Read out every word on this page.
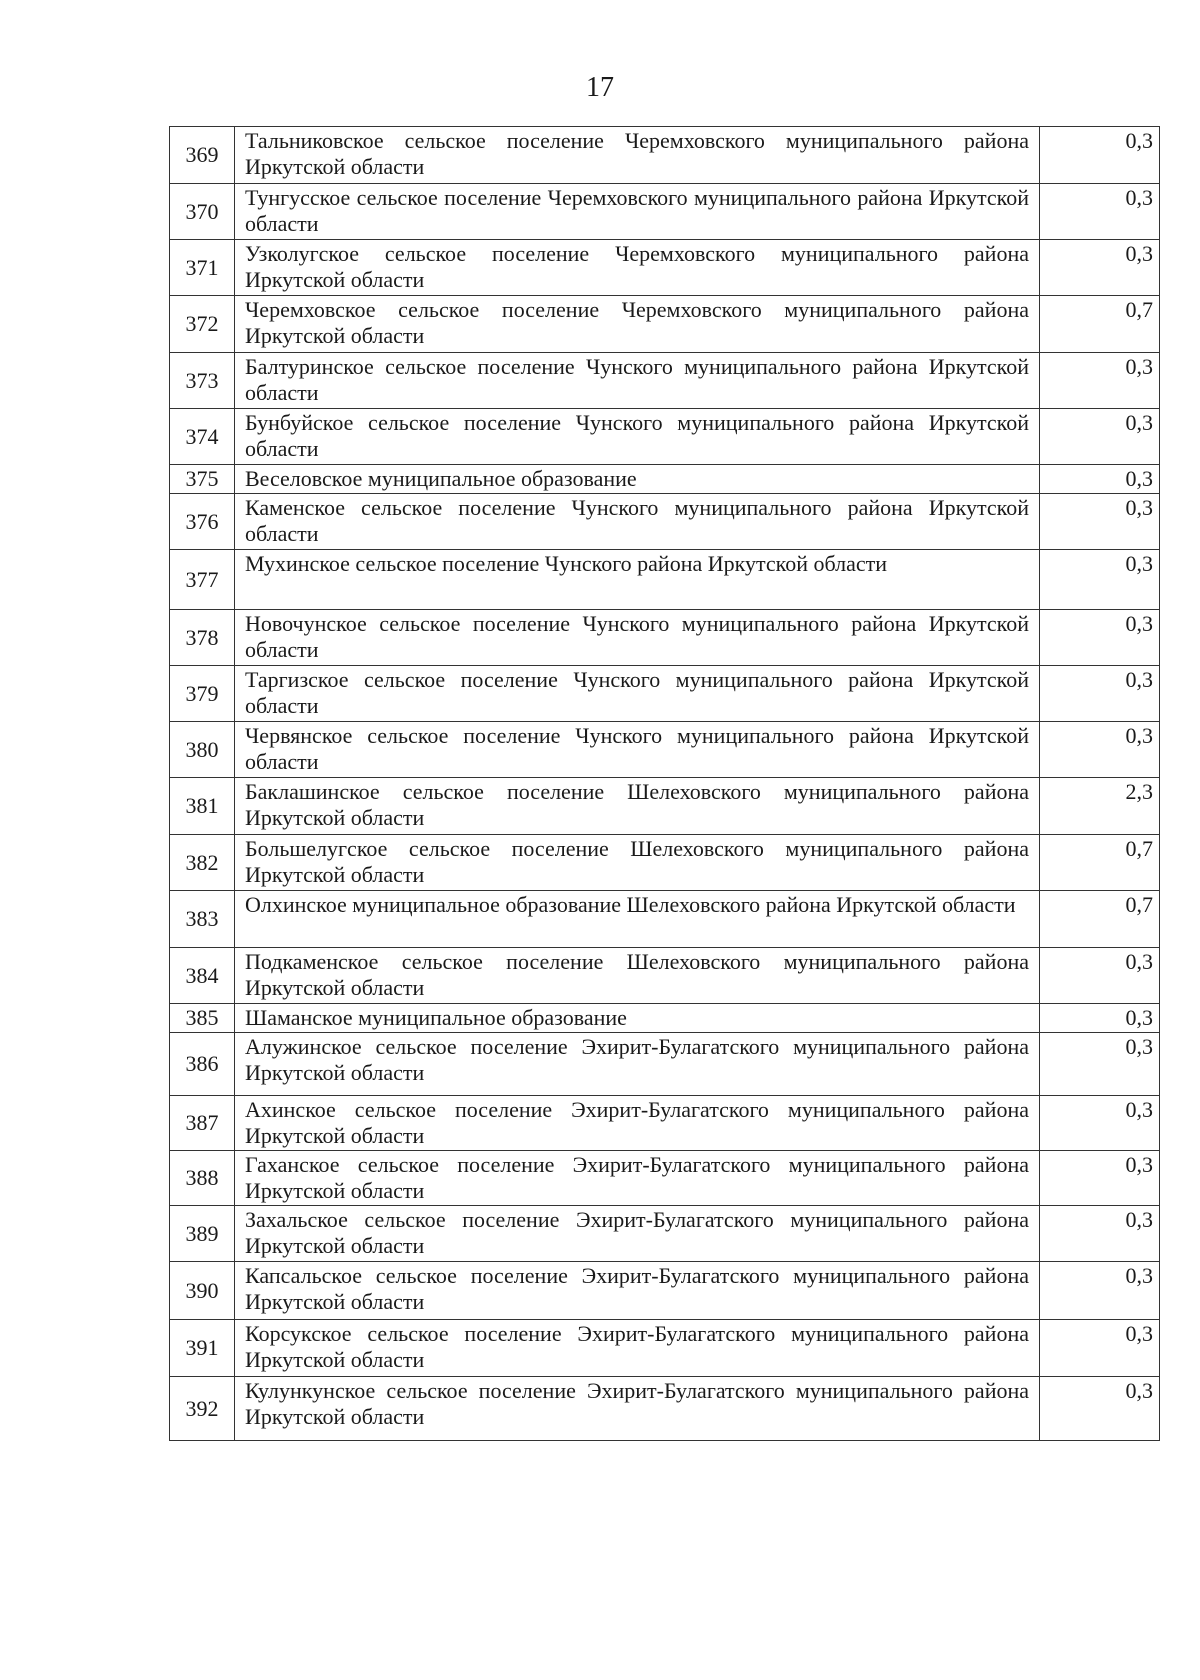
17
369	Тальниковское сельское поселение Черемховского муниципального района Иркутской области	0,3
370	Тунгусское сельское поселение Черемховского муниципального района Иркутской области	0,3
371	Узколугское сельское поселение Черемховского муниципального района Иркутской области	0,3
372	Черемховское сельское поселение Черемховского муниципального района Иркутской области	0,7
373	Балтуринское сельское поселение Чунского муниципального района Иркутской области	0,3
374	Бунбуйское сельское поселение Чунского муниципального района Иркутской области	0,3
375	Веселовское муниципальное образование	0,3
376	Каменское сельское поселение Чунского муниципального района Иркутской области	0,3
377	Мухинское сельское поселение Чунского района Иркутской области	0,3
378	Новочунское сельское поселение Чунского муниципального района Иркутской области	0,3
379	Таргизское сельское поселение Чунского муниципального района Иркутской области	0,3
380	Червянское сельское поселение Чунского муниципального района Иркутской области	0,3
381	Баклашинское сельское поселение Шелеховского муниципального района Иркутской области	2,3
382	Большелугское сельское поселение Шелеховского муниципального района Иркутской области	0,7
383	Олхинское муниципальное образование Шелеховского района Иркутской области	0,7
384	Подкаменское сельское поселение Шелеховского муниципального района Иркутской области	0,3
385	Шаманское муниципальное образование	0,3
386	Алужинское сельское поселение Эхирит-Булагатского муниципального района Иркутской области	0,3
387	Ахинское сельское поселение Эхирит-Булагатского муниципального района Иркутской области	0,3
388	Гаханское сельское поселение Эхирит-Булагатского муниципального района Иркутской области	0,3
389	Захальское сельское поселение Эхирит-Булагатского муниципального района Иркутской области	0,3
390	Капсальское сельское поселение Эхирит-Булагатского муниципального района Иркутской области	0,3
391	Корсукское сельское поселение Эхирит-Булагатского муниципального района Иркутской области	0,3
392	Кулункунское сельское поселение Эхирит-Булагатского муниципального района Иркутской области	0,3
